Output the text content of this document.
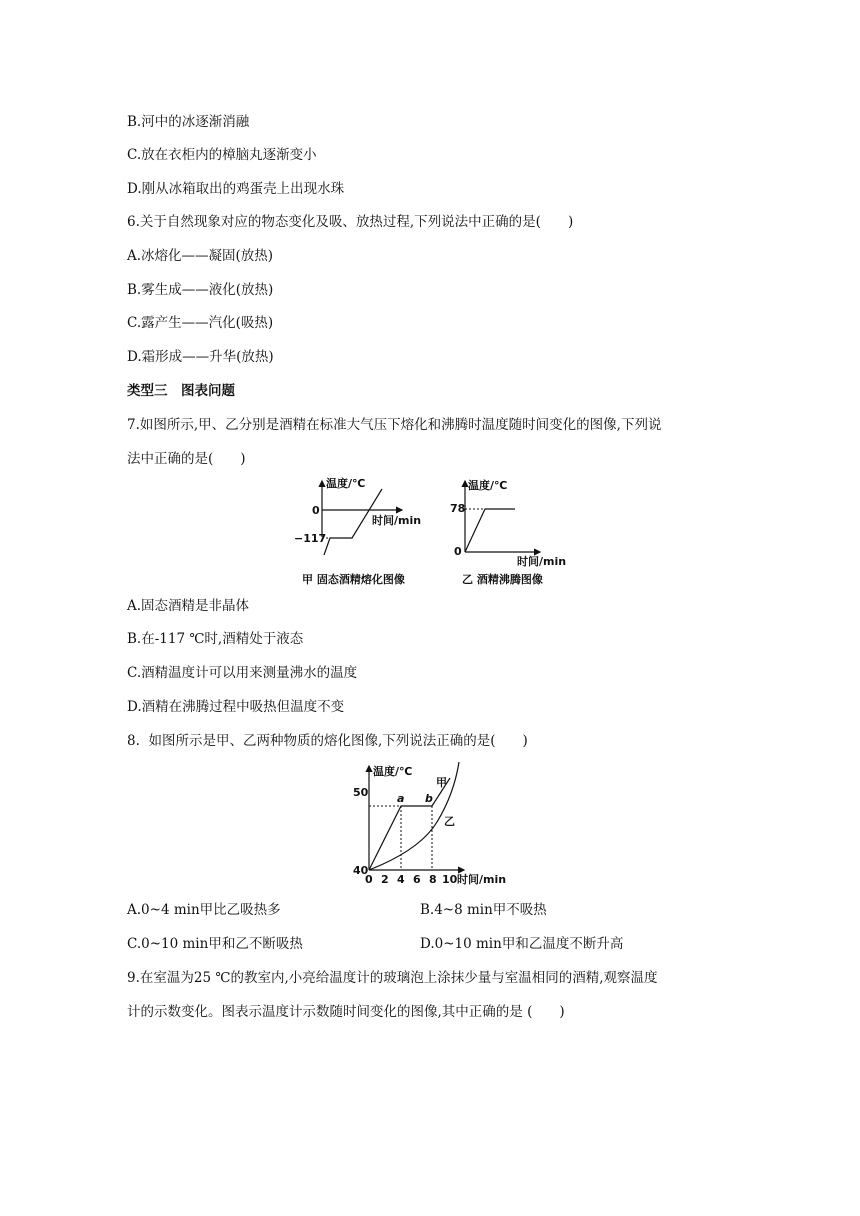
B.河中的冰逐渐消融
C.放在衣柜内的樟脑丸逐渐变小
D.刚从冰箱取出的鸡蛋壳上出现水珠
6.关于自然现象对应的物态变化及吸、放热过程,下列说法中正确的是(　　)
A.冰熔化——凝固(放热)
B.雾生成——液化(放热)
C.露产生——汽化(吸热)
D.霜形成——升华(放热)
类型三　图表问题
7.如图所示,甲、乙分别是酒精在标准大气压下熔化和沸腾时温度随时间变化的图像,下列说
法中正确的是(　　)
温度/℃
0
−117
时间/min
甲 固态酒精熔化图像
温度/℃
78
0
时间/min
乙 酒精沸腾图像
A.固态酒精是非晶体
B.在-117 ℃时,酒精处于液态
C.酒精温度计可以用来测量沸水的温度
D.酒精在沸腾过程中吸热但温度不变
8.  如图所示是甲、乙两种物质的熔化图像,下列说法正确的是(　　)
温度/℃
50
40
0 2 4 6 8 10 时间/min
a b
甲
乙
A.0~4 min甲比乙吸热多	B.4~8 min甲不吸热
C.0~10 min甲和乙不断吸热	D.0~10 min甲和乙温度不断升高
9.在室温为25 ℃的教室内,小亮给温度计的玻璃泡上涂抹少量与室温相同的酒精,观察温度
计的示数变化。图表示温度计示数随时间变化的图像,其中正确的是 (　　)
